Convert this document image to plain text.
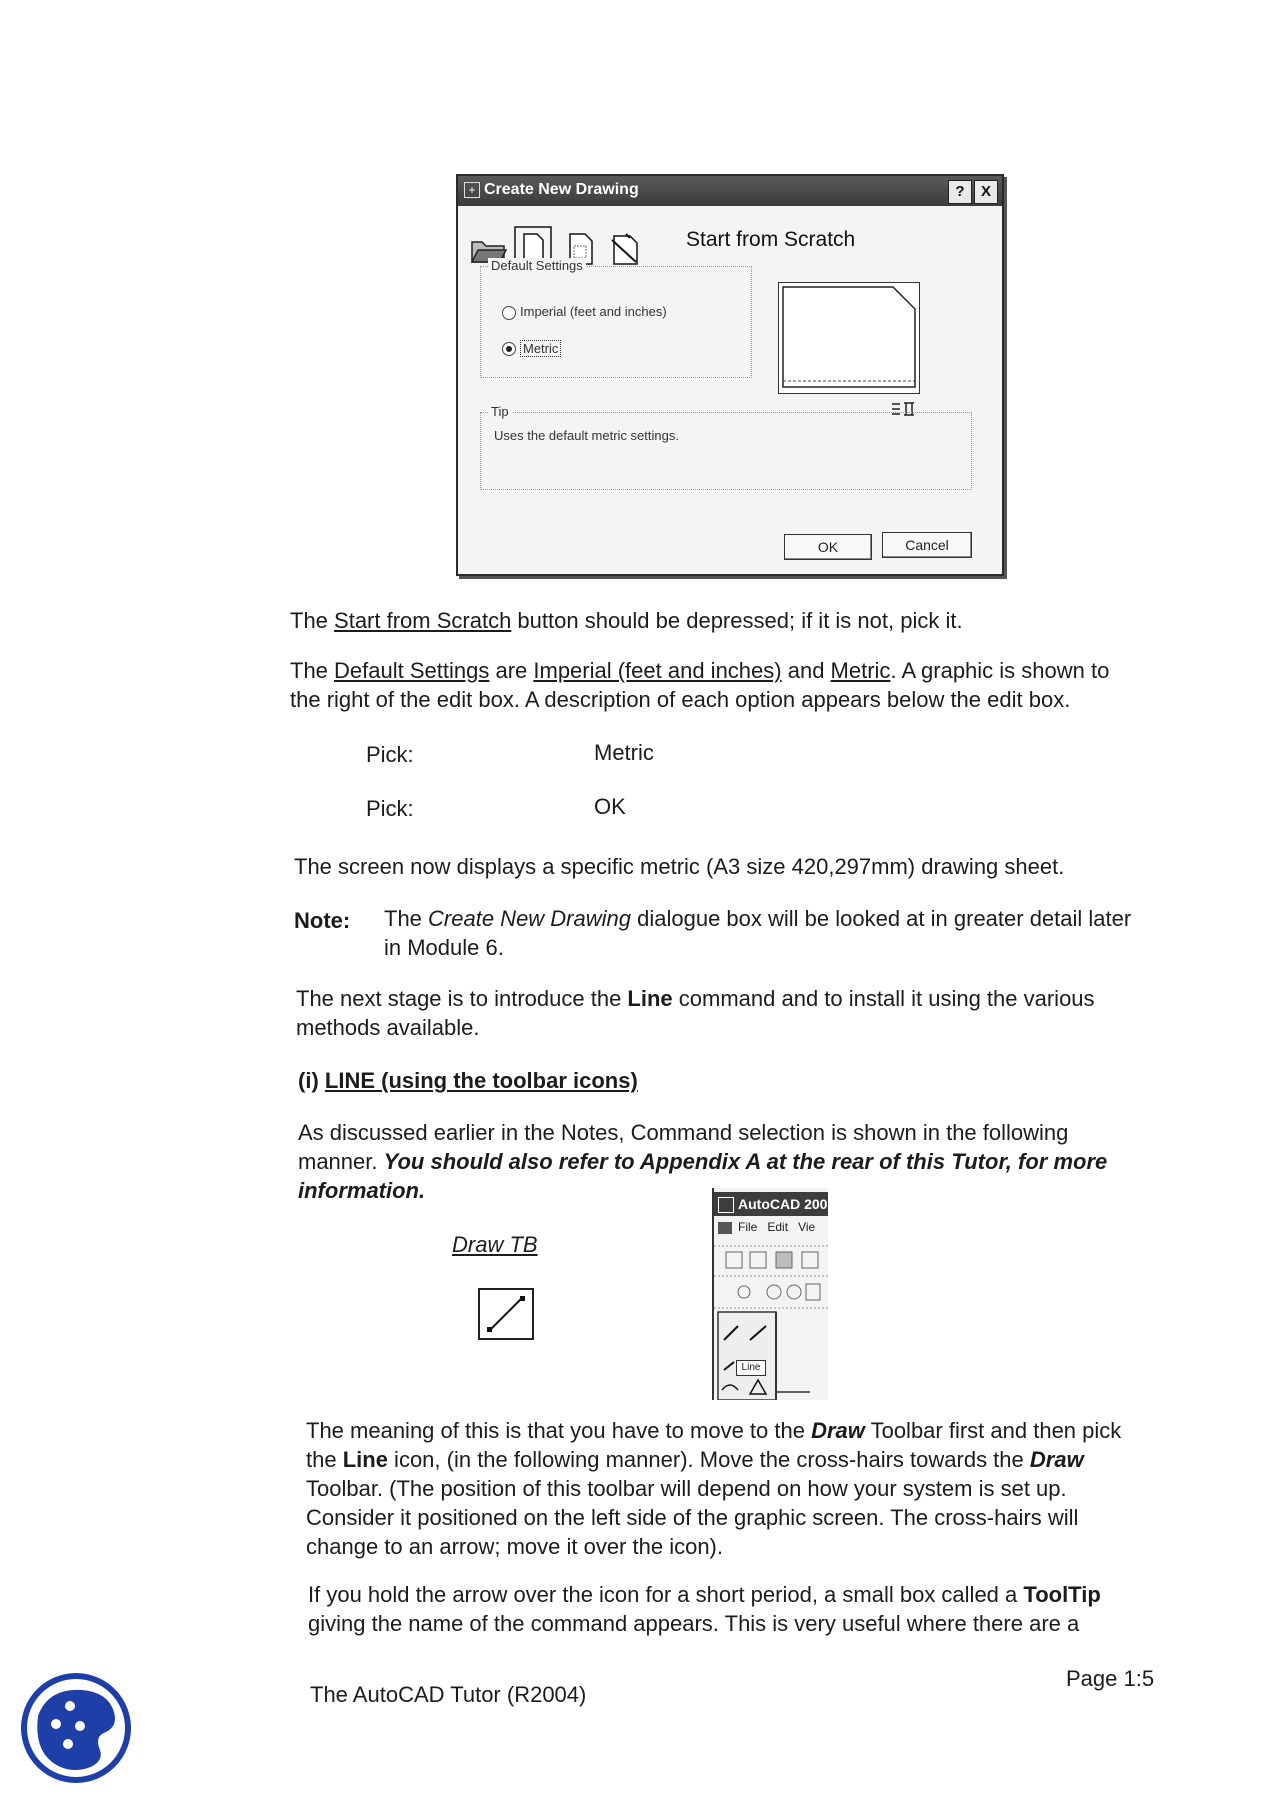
+ Create New Drawing	?	X
Start from Scratch
Default Settings
Imperial (feet and inches)
Metric
Tip
Uses the default metric settings.
OK	Cancel
The Start from Scratch button should be depressed; if it is not, pick it.
The Default Settings are Imperial (feet and inches) and Metric. A graphic is shown to
the right of the edit box. A description of each option appears below the edit box.
Pick:	Metric
Pick:	OK
The screen now displays a specific metric (A3 size 420,297mm) drawing sheet.
Note: The Create New Drawing dialogue box will be looked at in greater detail later
in Module 6.
The next stage is to introduce the Line command and to install it using the various
methods available.
(i) LINE (using the toolbar icons)
As discussed earlier in the Notes, Command selection is shown in the following
manner. You should also refer to Appendix A at the rear of this Tutor, for more
information.
Draw TB
AutoCAD 200
File Edit Vie
Line
The meaning of this is that you have to move to the Draw Toolbar first and then pick
the Line icon, (in the following manner). Move the cross-hairs towards the Draw
Toolbar. (The position of this toolbar will depend on how your system is set up.
Consider it positioned on the left side of the graphic screen. The cross-hairs will
change to an arrow; move it over the icon).
If you hold the arrow over the icon for a short period, a small box called a ToolTip
giving the name of the command appears. This is very useful where there are a
The AutoCAD Tutor (R2004)
Page 1:5
